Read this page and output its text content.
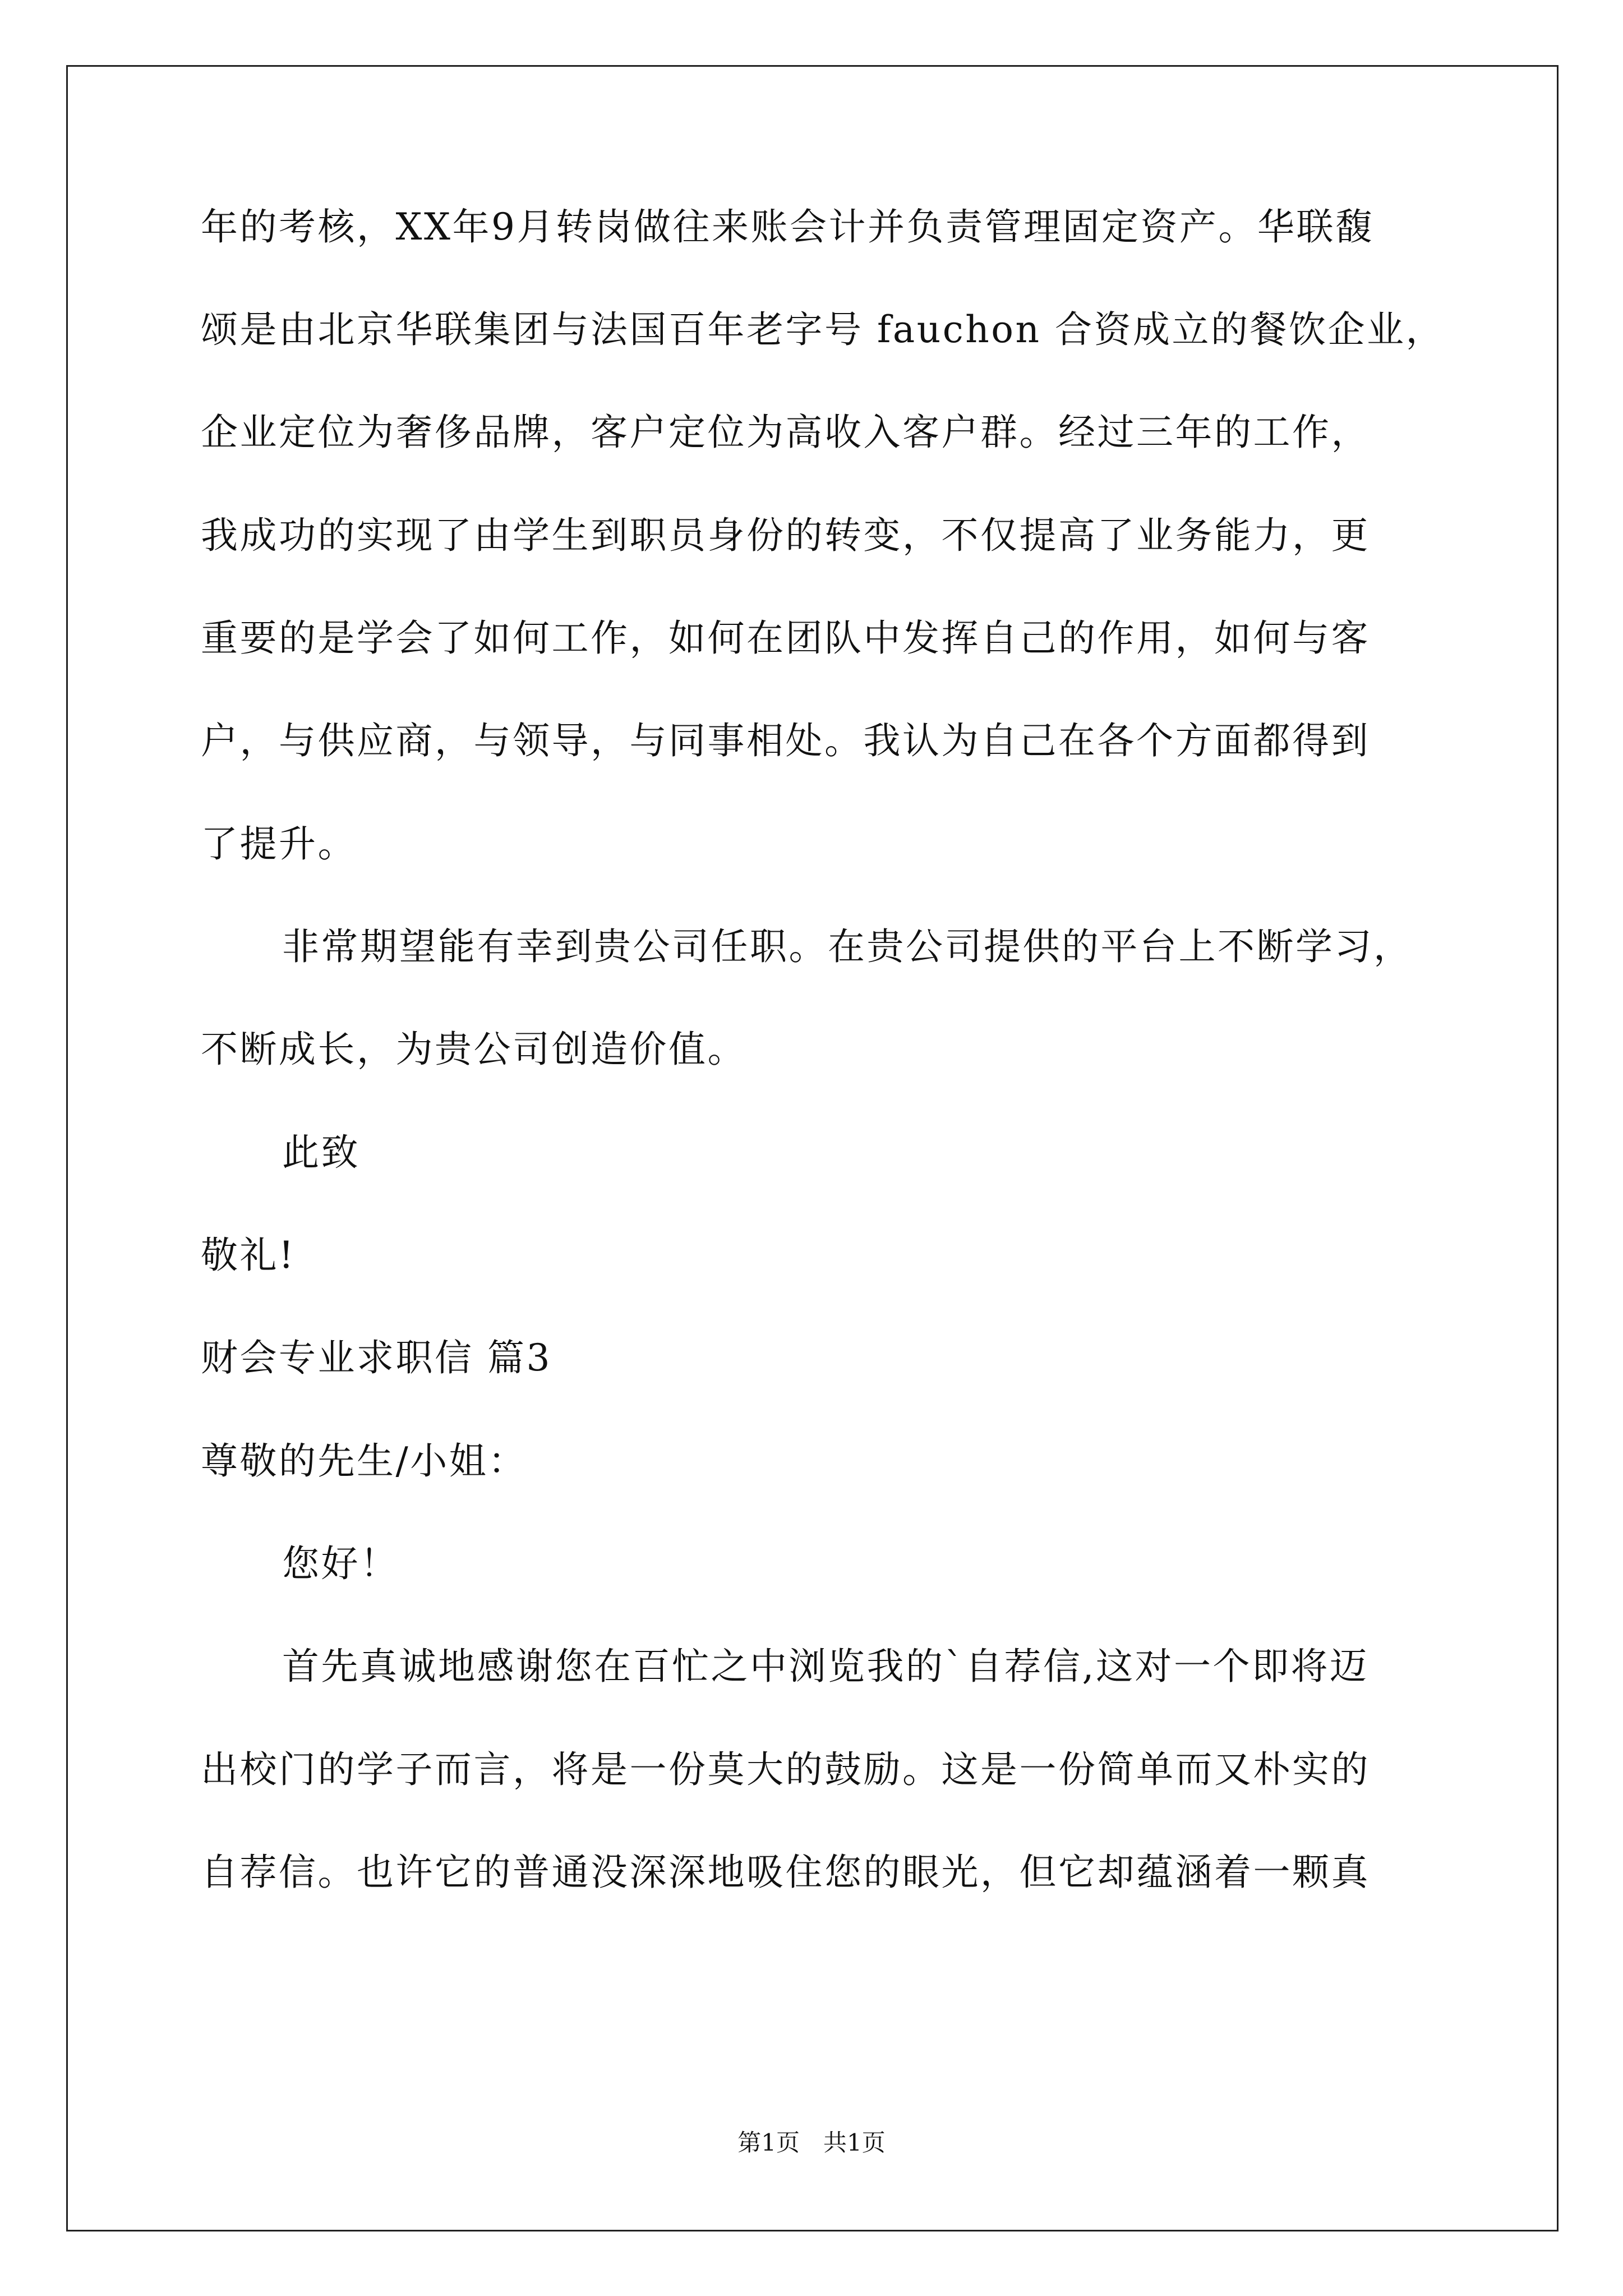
年的考核，XX年9月转岗做往来账会计并负责管理固定资产。华联馥
颂是由北京华联集团与法国百年老字号 fauchon 合资成立的餐饮企业，
企业定位为奢侈品牌，客户定位为高收入客户群。经过三年的工作，
我成功的实现了由学生到职员身份的转变，不仅提高了业务能力，更
重要的是学会了如何工作，如何在团队中发挥自己的作用，如何与客
户，与供应商，与领导，与同事相处。我认为自己在各个方面都得到
了提升。
非常期望能有幸到贵公司任职。在贵公司提供的平台上不断学习，
不断成长，为贵公司创造价值。
此致
敬礼!
财会专业求职信 篇3
尊敬的先生/小姐：
您好！
首先真诚地感谢您在百忙之中浏览我的`自荐信,这对一个即将迈
出校门的学子而言，将是一份莫大的鼓励。这是一份简单而又朴实的
自荐信。也许它的普通没深深地吸住您的眼光，但它却蕴涵着一颗真
第1页　共1页
